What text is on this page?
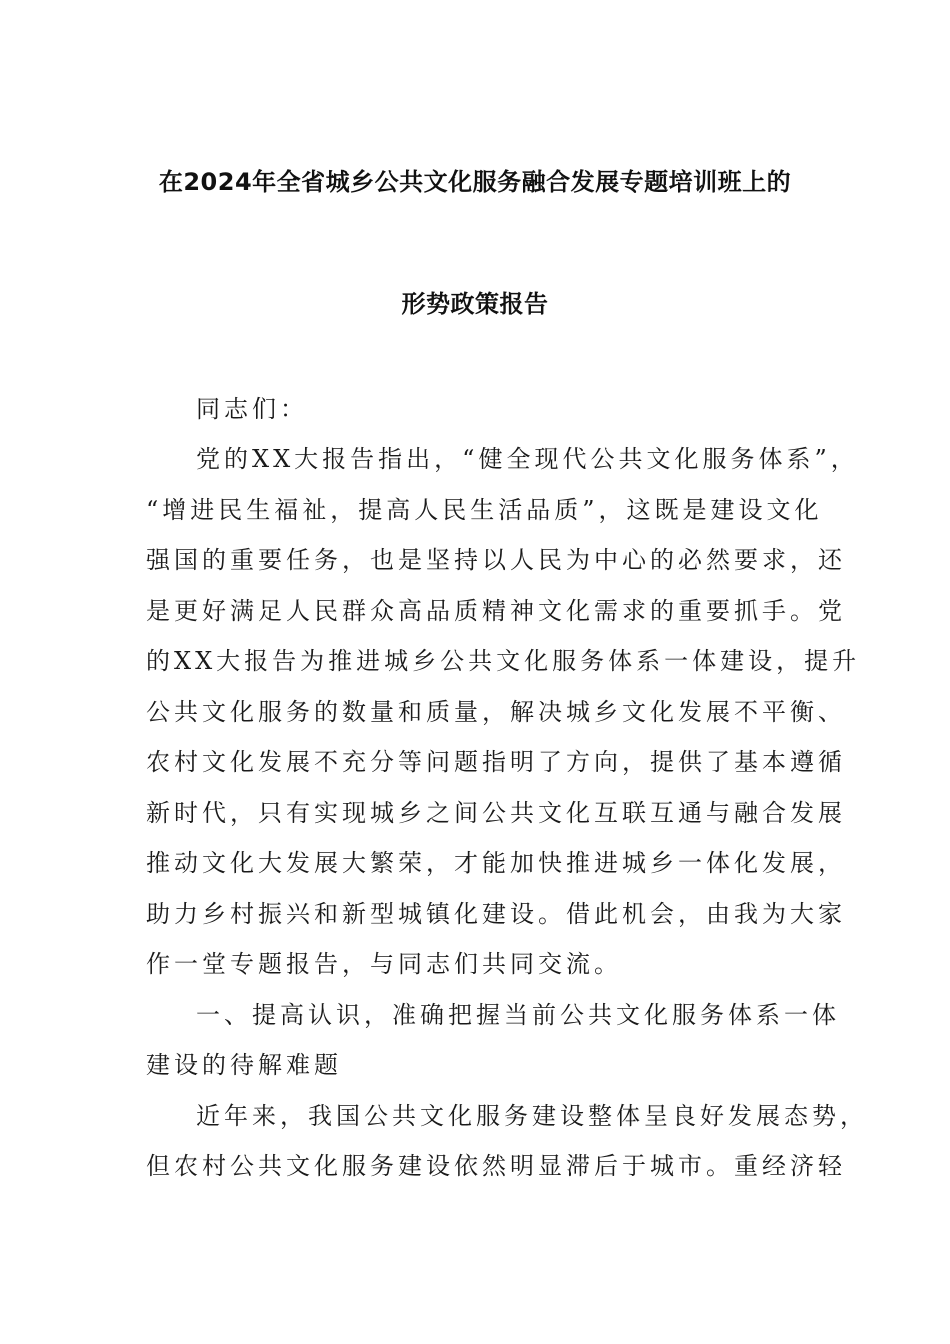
在2024年全省城乡公共文化服务融合发展专题培训班上的
形势政策报告
同志们：
党的XX大报告指出，“健全现代公共文化服务体系”，
“增进民生福祉，提高人民生活品质”，这既是建设文化
强国的重要任务，也是坚持以人民为中心的必然要求，还
是更好满足人民群众高品质精神文化需求的重要抓手。党
的XX大报告为推进城乡公共文化服务体系一体建设，提升
公共文化服务的数量和质量，解决城乡文化发展不平衡、
农村文化发展不充分等问题指明了方向，提供了基本遵循
新时代，只有实现城乡之间公共文化互联互通与融合发展
推动文化大发展大繁荣，才能加快推进城乡一体化发展，
助力乡村振兴和新型城镇化建设。借此机会，由我为大家
作一堂专题报告，与同志们共同交流。
一、提高认识，准确把握当前公共文化服务体系一体
建设的待解难题
近年来，我国公共文化服务建设整体呈良好发展态势，
但农村公共文化服务建设依然明显滞后于城市。重经济轻
